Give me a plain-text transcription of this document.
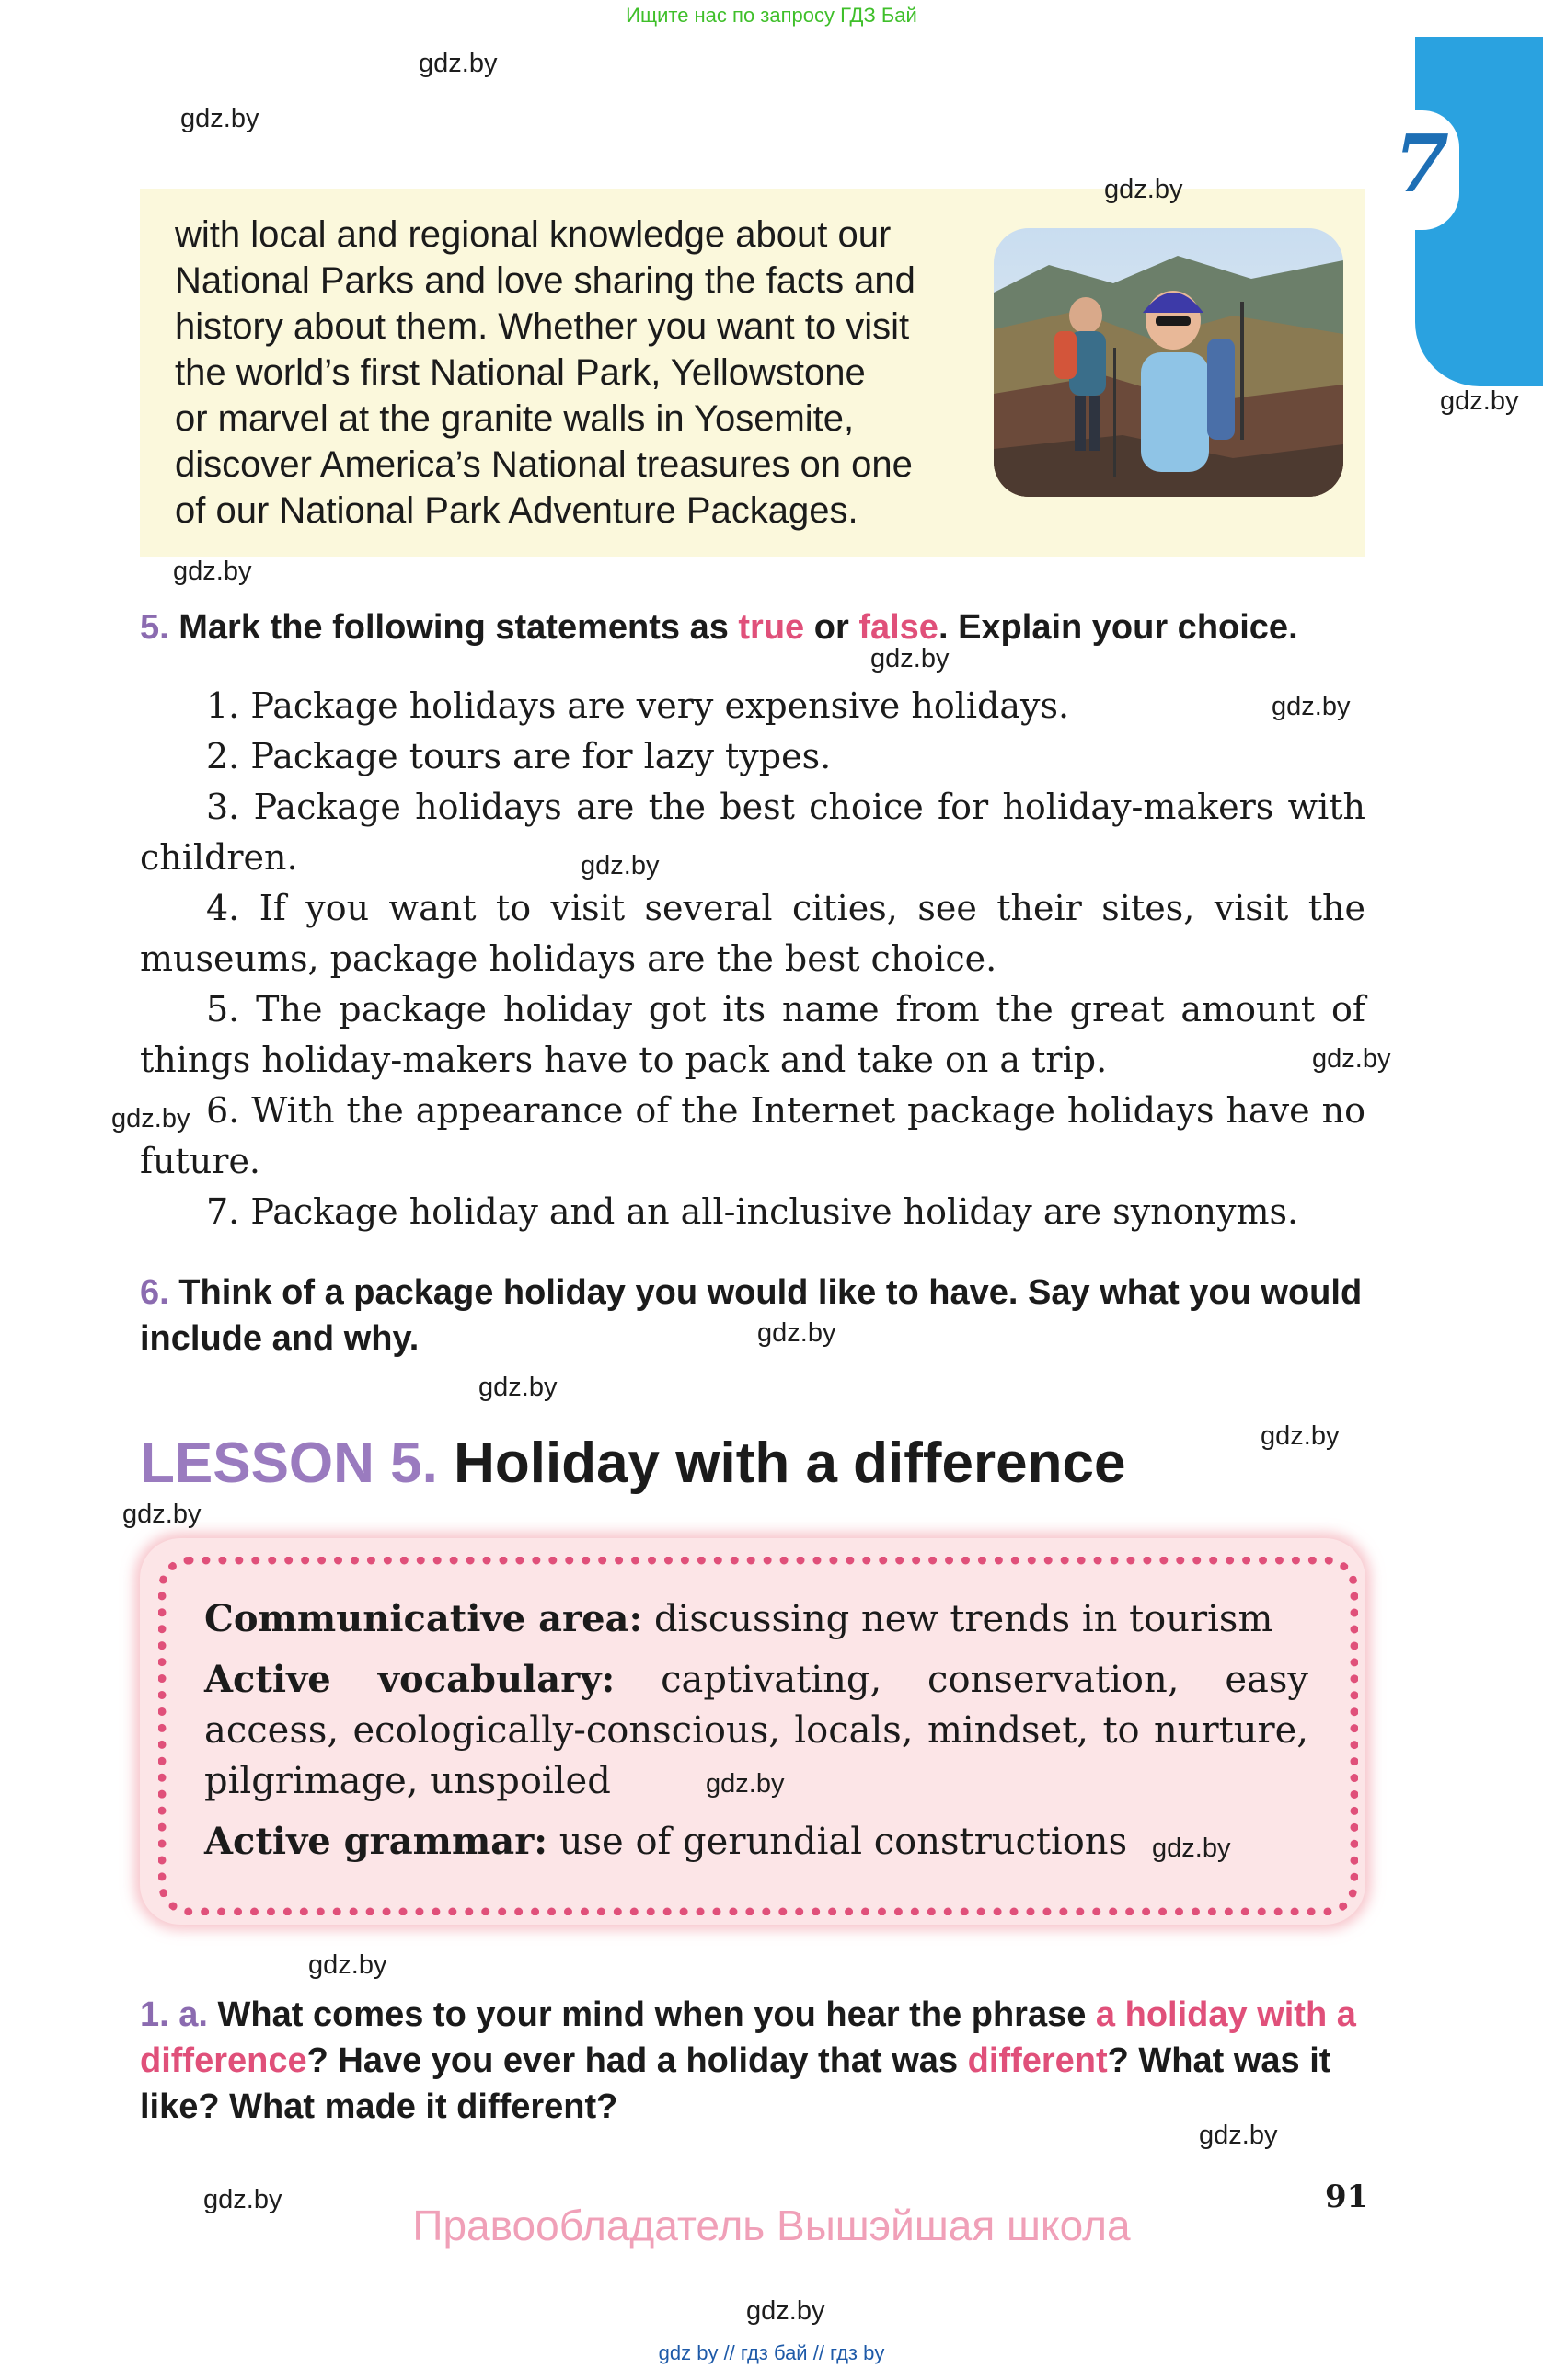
Ищите нас по запросу ГДЗ Бай
7
with local and regional knowledge about our
National Parks and love sharing the facts and
history about them. Whether you want to visit
the world’s first National Park, Yellowstone
or marvel at the granite walls in Yosemite,
discover America’s National treasures on one
of our National Park Adventure Packages.
5. Mark the following statements as true or false. Explain your choice.

1. Package holidays are very expensive holidays.

2. Package tours are for lazy types.

3. Package holidays are the best choice for holiday-makers with children.

4. If you want to visit several cities, see their sites, visit the museums, package holidays are the best choice.

5. The package holiday got its name from the great amount of things holiday-makers have to pack and take on a trip.

6. With the appearance of the Internet package holidays have no future.

7. Package holiday and an all-inclusive holiday are synonyms.

6. Think of a package holiday you would like to have. Say what you would include and why.
LESSON 5. Holiday with a difference

Communicative area: discussing new trends in tourism

Active vocabulary: captivating, conservation, easy access, ecologically-conscious, locals, mindset, to nurture, pilgrimage, unspoiled

Active grammar: use of gerundial constructions

1. a. What comes to your mind when you hear the phrase a holiday with a difference? Have you ever had a holiday that was different? What was it like? What made it different?
91
Правообладатель Вышэйшая школа
gdz by // гдз бай // гдз by
gdz.by
gdz.by
gdz.by
gdz.by
gdz.by
gdz.by
gdz.by
gdz.by
gdz.by
gdz.by
gdz.by
gdz.by
gdz.by
gdz.by
gdz.by
gdz.by
gdz.by
gdz.by
gdz.by
gdz.by
